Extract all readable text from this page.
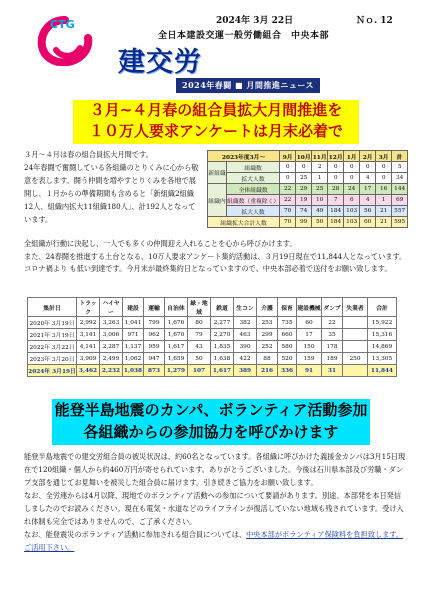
CTG	2024年 3月 22日	Ｎｏ. 12
全日本建設交運一般労働組合　中央本部
建交労
2024年春闘 ■ 月間推進ニュース
３月~４月春の組合員拡大月間推進を
１０万人要求アンケートは月末必着で

３月～４月は春の組合員拡大月間です。

24年春闘で奮闘している各組織のとりくみに心から敬意を表します。闘う仲間を増やすとりくみを各地で展開し、１月からの準備期間も含めると「新組織2組織12人、組織内拡大11組織180人」、計192人となっています。

2023年度3月～		9月	10月	11月	12月	1月	2月	3月	計
新組織	組織数	0	0	2	0	0	0	0	5
	拡大人数	0	25	1	0	0	4	0	34
組織内	全体組織数	22	29	25	28	24	17	16	144
	組織数（重複除く）	22	19	10	7	6	4	1	69
	拡大人数	70	74	49	184	103	56	21	557
組織拡大合計人数		70	99	50	184	103	60	21	595

全組織が行動に決起し、一人でも多くの仲間迎え入れることを心から呼びかけます。

また、24春闘を推進する土台となる、10万人要求アンケート集約活動は、３月19日現在で11,844人となっています。コロナ禍より も低い到達です。今月末が最終集約日となっていますので、中央本部必着で送付をお願い致します。

集計日	トラック	ハイヤー	建設	運輸	自治体	緑・地域	鉄道	生コン	介護	保育	建設機械	ダンプ	失業者	合計
2020年 3月19日	2,992	3,263	1,041	799	1,676	80	2,277	382	253	735	60	22		15,922
2021年 3月19日	3,141	3,006	971	962	1,670	79	2,270	463	299	660	17	35		15,316
2022年 3月22日	4,141	2,287	1,137	959	1,617	43	1,835	390	252	580	150	178		14,869
2023年 3月20日	3,909	2,499	1,062	947	1,659	50	1,638	422	88	520	159	189	250	13,305
2024年 3月19日	3,462	2,232	1,038	873	1,279	107	1,617	389	216	336	91	31		11,844
能登半島地震のカンパ、ボランティア活動参加
各組織からの参加協力を呼びかけます

能登半島地震での建交労組合員の被災状況は、約60名となっています。各組織に呼びかけた義援金カンパは3月15日現在で120組織・個人から約460万円が寄せられています。ありがとうございました。今後は石川県本部及び労職・ダンプ支部を通じてお見舞いを被災した組合員に届けます。引き続きご協力をお願い致します。

なお、全労連からは4月以降、現地でのボランティア活動への参加について要請があります。別途、本部発を本日発信しましたのでお読みください。現在も電気・水道などのライフラインが復活していない地域も残されています。受け入れ体制も完全ではありませんので、ご了承ください。

なお、能登震災のボランティア活動に参加される組合員については、中央本部がボランティア保険料を負担致します。ご活用下さい。
